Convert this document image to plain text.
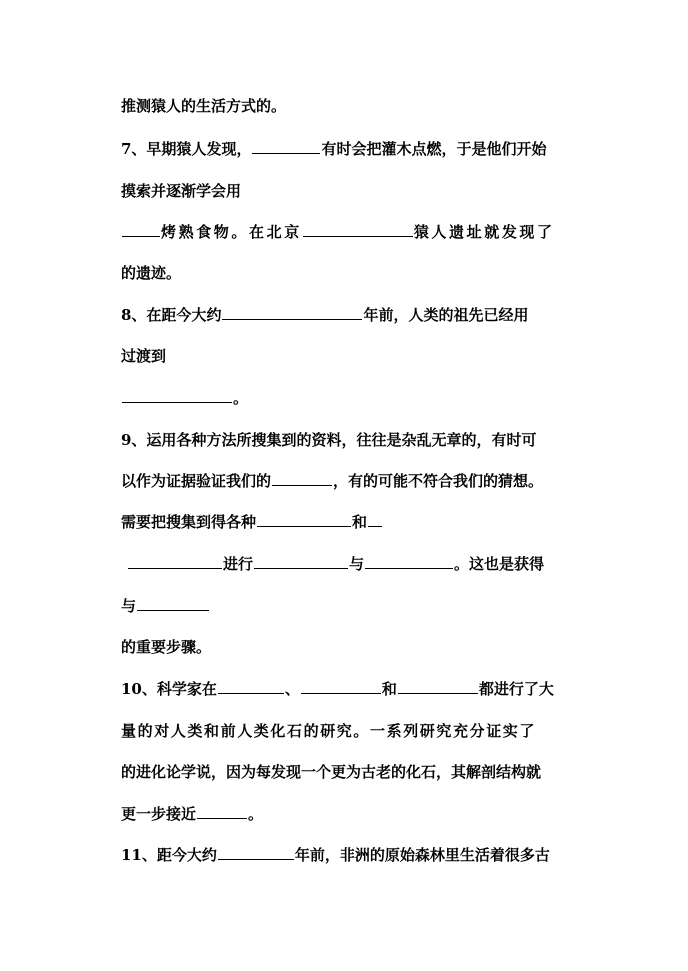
推测猿人的生活方式的。
7、早期猿人发现，	有时会把灌木点燃，于是他们开始
摸索并逐渐学会用
烤熟食物。在北京	猿人遗址就发现了
的遗迹。
8、在距今大约	年前，人类的祖先已经用
过渡到
。
9、运用各种方法所搜集到的资料，往往是杂乱无章的，有时可
以作为证据验证我们的	，有的可能不符合我们的猜想。
需要把搜集到得各种	和
进行	与	。这也是获得
与
的重要步骤。
10、科学家在	、	和	都进行了大
量的对人类和前人类化石的研究。一系列研究充分证实了
的进化论学说，因为每发现一个更为古老的化石，其解剖结构就
更一步接近	。
11、距今大约	年前，非洲的原始森林里生活着很多古
